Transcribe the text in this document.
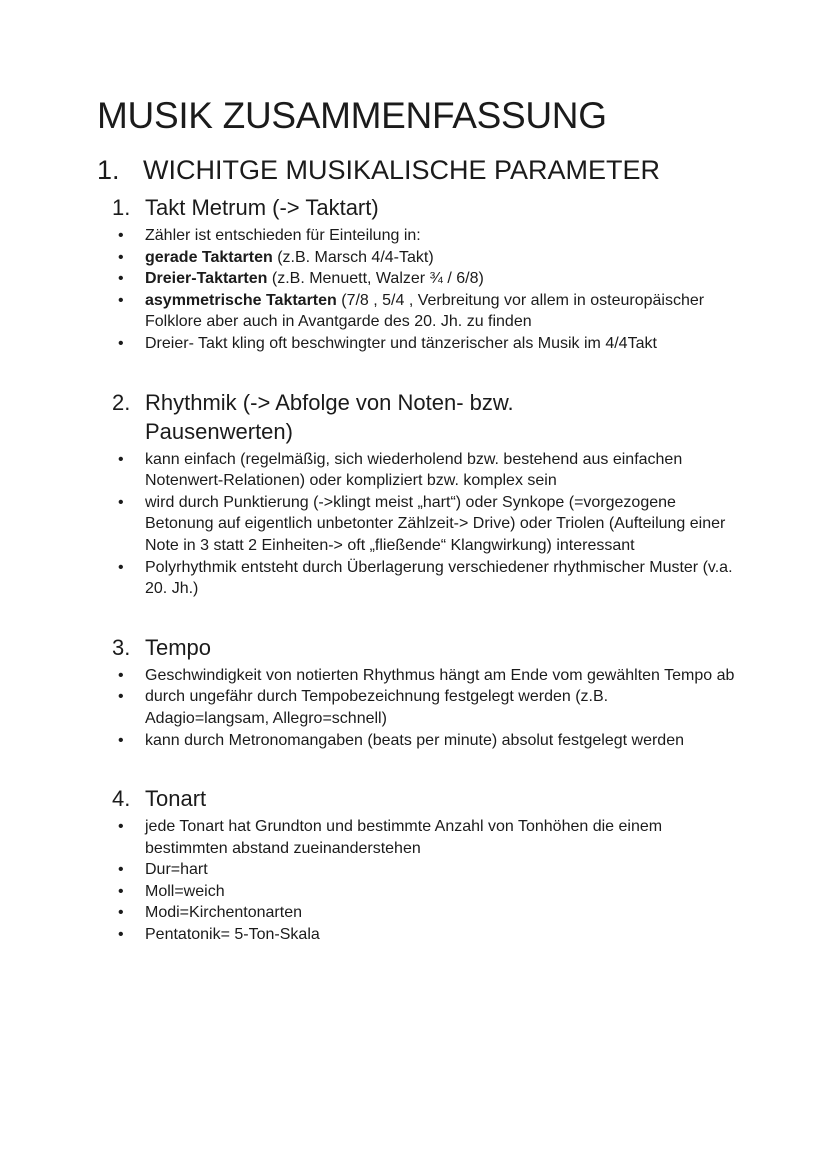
MUSIK ZUSAMMENFASSUNG
1. WICHITGE MUSIKALISCHE PARAMETER
1. Takt Metrum (-> Taktart)
• Zähler ist entschieden für Einteilung in:
• gerade Taktarten (z.B. Marsch 4/4-Takt)
• Dreier-Taktarten (z.B. Menuett, Walzer ¾ / 6/8)
• asymmetrische Taktarten (7/8 , 5/4 , Verbreitung vor allem in osteuropäischer Folklore aber auch in Avantgarde des 20. Jh. zu finden
• Dreier- Takt kling oft beschwingter und tänzerischer als Musik im 4/4Takt
2. Rhythmik (-> Abfolge von Noten- bzw. Pausenwerten)
• kann einfach (regelmäßig, sich wiederholend bzw. bestehend aus einfachen Notenwert-Relationen) oder kompliziert bzw. komplex sein
• wird durch Punktierung (->klingt meist „hart“) oder Synkope (=vorgezogene Betonung auf eigentlich unbetonter Zählzeit-> Drive) oder Triolen (Aufteilung einer Note in 3 statt 2 Einheiten-> oft „fließende“ Klangwirkung) interessant
• Polyrhythmik entsteht durch Überlagerung verschiedener rhythmischer Muster (v.a. 20. Jh.)
3. Tempo
• Geschwindigkeit von notierten Rhythmus hängt am Ende vom gewählten Tempo ab
• durch ungefähr durch Tempobezeichnung festgelegt werden (z.B. Adagio=langsam, Allegro=schnell)
• kann durch Metronomangaben (beats per minute) absolut festgelegt werden
4. Tonart
• jede Tonart hat Grundton und bestimmte Anzahl von Tonhöhen die einem bestimmten abstand zueinanderstehen
• Dur=hart
• Moll=weich
• Modi=Kirchentonarten
• Pentatonik= 5-Ton-Skala
